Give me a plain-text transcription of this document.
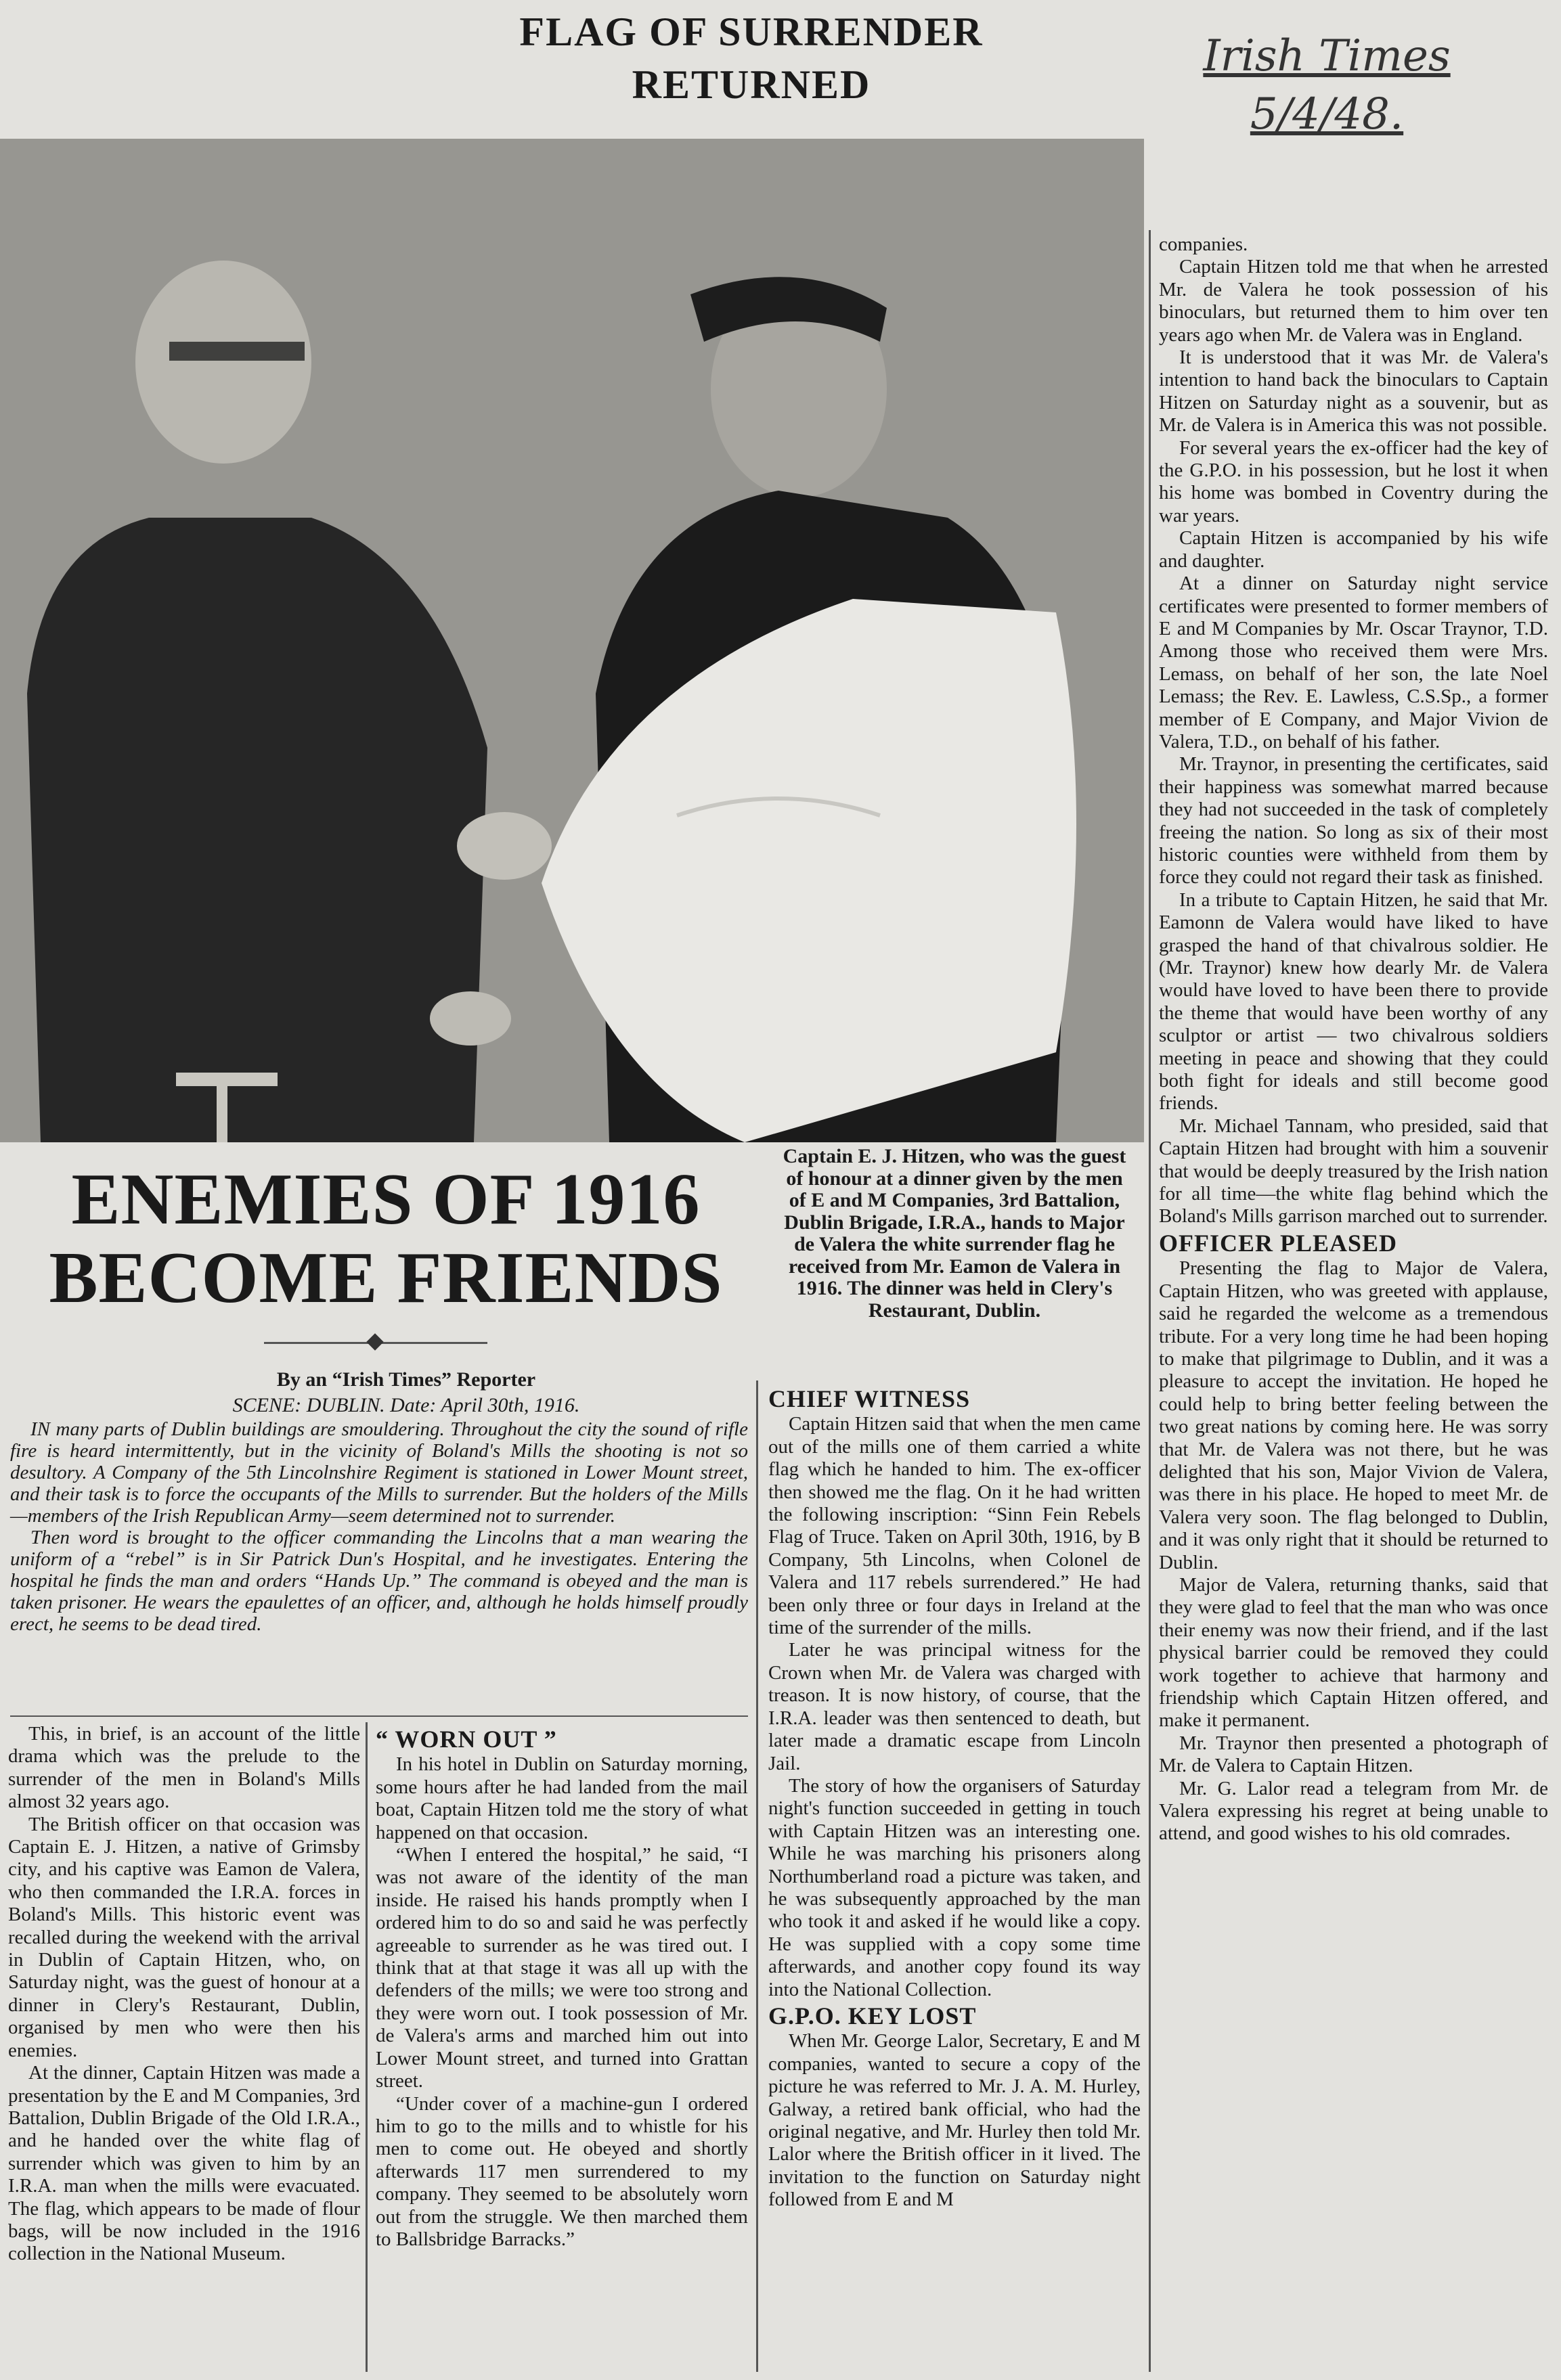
FLAG OF SURRENDER
RETURNED
Irish Times
5/4/48.
ENEMIES OF 1916
BECOME FRIENDS
Captain E. J. Hitzen, who was the guest of honour at a dinner given by the men of E and M Companies, 3rd Battalion, Dublin Brigade, I.R.A., hands to Major de Valera the white surrender flag he received from Mr. Eamon de Valera in 1916. The dinner was held in Clery's Restaurant, Dublin.
By an “Irish Times” Reporter
SCENE: DUBLIN. Date: April 30th, 1916.

IN many parts of Dublin buildings are smouldering. Throughout the city the sound of rifle fire is heard intermittently, but in the vicinity of Boland's Mills the shooting is not so desultory. A Company of the 5th Lincolnshire Regiment is stationed in Lower Mount street, and their task is to force the occupants of the Mills to surrender. But the holders of the Mills—members of the Irish Republican Army—seem determined not to surrender.

Then word is brought to the officer commanding the Lincolns that a man wearing the uniform of a “rebel” is in Sir Patrick Dun's Hospital, and he investigates. Entering the hospital he finds the man and orders “Hands Up.” The command is obeyed and the man is taken prisoner. He wears the epaulettes of an officer, and, although he holds himself proudly erect, he seems to be dead tired.

This, in brief, is an account of the little drama which was the prelude to the surrender of the men in Boland's Mills almost 32 years ago.

The British officer on that occasion was Captain E. J. Hitzen, a native of Grimsby city, and his captive was Eamon de Valera, who then commanded the I.R.A. forces in Boland's Mills. This historic event was recalled during the weekend with the arrival in Dublin of Captain Hitzen, who, on Saturday night, was the guest of honour at a dinner in Clery's Restaurant, Dublin, organised by men who were then his enemies.

At the dinner, Captain Hitzen was made a presentation by the E and M Companies, 3rd Battalion, Dublin Brigade of the Old I.R.A., and he handed over the white flag of surrender which was given to him by an I.R.A. man when the mills were evacuated. The flag, which appears to be made of flour bags, will be now included in the 1916 collection in the National Museum.

“ WORN OUT ”

In his hotel in Dublin on Saturday morning, some hours after he had landed from the mail boat, Captain Hitzen told me the story of what happened on that occasion.

“When I entered the hospital,” he said, “I was not aware of the identity of the man inside. He raised his hands promptly when I ordered him to do so and said he was perfectly agreeable to surrender as he was tired out. I think that at that stage it was all up with the defenders of the mills; we were too strong and they were worn out. I took possession of Mr. de Valera's arms and marched him out into Lower Mount street, and turned into Grattan street.

“Under cover of a machine-gun I ordered him to go to the mills and to whistle for his men to come out. He obeyed and shortly afterwards 117 men surrendered to my company. They seemed to be absolutely worn out from the struggle. We then marched them to Ballsbridge Barracks.”

CHIEF WITNESS

Captain Hitzen said that when the men came out of the mills one of them carried a white flag which he handed to him. The ex-officer then showed me the flag. On it he had written the following inscription: “Sinn Fein Rebels Flag of Truce. Taken on April 30th, 1916, by B Company, 5th Lincolns, when Colonel de Valera and 117 rebels surrendered.” He had been only three or four days in Ireland at the time of the surrender of the mills.

Later he was principal witness for the Crown when Mr. de Valera was charged with treason. It is now history, of course, that the I.R.A. leader was then sentenced to death, but later made a dramatic escape from Lincoln Jail.

The story of how the organisers of Saturday night's function succeeded in getting in touch with Captain Hitzen was an interesting one. While he was marching his prisoners along Northumberland road a picture was taken, and he was subsequently approached by the man who took it and asked if he would like a copy. He was supplied with a copy some time afterwards, and another copy found its way into the National Collection.

G.P.O. KEY LOST

When Mr. George Lalor, Secretary, E and M companies, wanted to secure a copy of the picture he was referred to Mr. J. A. M. Hurley, Galway, a retired bank official, who had the original negative, and Mr. Hurley then told Mr. Lalor where the British officer in it lived. The invitation to the function on Saturday night followed from E and M

companies.

Captain Hitzen told me that when he arrested Mr. de Valera he took possession of his binoculars, but returned them to him over ten years ago when Mr. de Valera was in England.

It is understood that it was Mr. de Valera's intention to hand back the binoculars to Captain Hitzen on Saturday night as a souvenir, but as Mr. de Valera is in America this was not possible.

For several years the ex-officer had the key of the G.P.O. in his possession, but he lost it when his home was bombed in Coventry during the war years.

Captain Hitzen is accompanied by his wife and daughter.

At a dinner on Saturday night service certificates were presented to former members of E and M Companies by Mr. Oscar Traynor, T.D. Among those who received them were Mrs. Lemass, on behalf of her son, the late Noel Lemass; the Rev. E. Lawless, C.S.Sp., a former member of E Company, and Major Vivion de Valera, T.D., on behalf of his father.

Mr. Traynor, in presenting the certificates, said their happiness was somewhat marred because they had not succeeded in the task of completely freeing the nation. So long as six of their most historic counties were withheld from them by force they could not regard their task as finished.

In a tribute to Captain Hitzen, he said that Mr. Eamonn de Valera would have liked to have grasped the hand of that chivalrous soldier. He (Mr. Traynor) knew how dearly Mr. de Valera would have loved to have been there to provide the theme that would have been worthy of any sculptor or artist — two chivalrous soldiers meeting in peace and showing that they could both fight for ideals and still become good friends.

Mr. Michael Tannam, who presided, said that Captain Hitzen had brought with him a souvenir that would be deeply treasured by the Irish nation for all time—the white flag behind which the Boland's Mills garrison marched out to surrender.

OFFICER PLEASED

Presenting the flag to Major de Valera, Captain Hitzen, who was greeted with applause, said he regarded the welcome as a tremendous tribute. For a very long time he had been hoping to make that pilgrimage to Dublin, and it was a pleasure to accept the invitation. He hoped he could help to bring better feeling between the two great nations by coming here. He was sorry that Mr. de Valera was not there, but he was delighted that his son, Major Vivion de Valera, was there in his place. He hoped to meet Mr. de Valera very soon. The flag belonged to Dublin, and it was only right that it should be returned to Dublin.

Major de Valera, returning thanks, said that they were glad to feel that the man who was once their enemy was now their friend, and if the last physical barrier could be removed they could work together to achieve that harmony and friendship which Captain Hitzen offered, and make it permanent.

Mr. Traynor then presented a photograph of Mr. de Valera to Captain Hitzen.

Mr. G. Lalor read a telegram from Mr. de Valera expressing his regret at being unable to attend, and good wishes to his old comrades.
